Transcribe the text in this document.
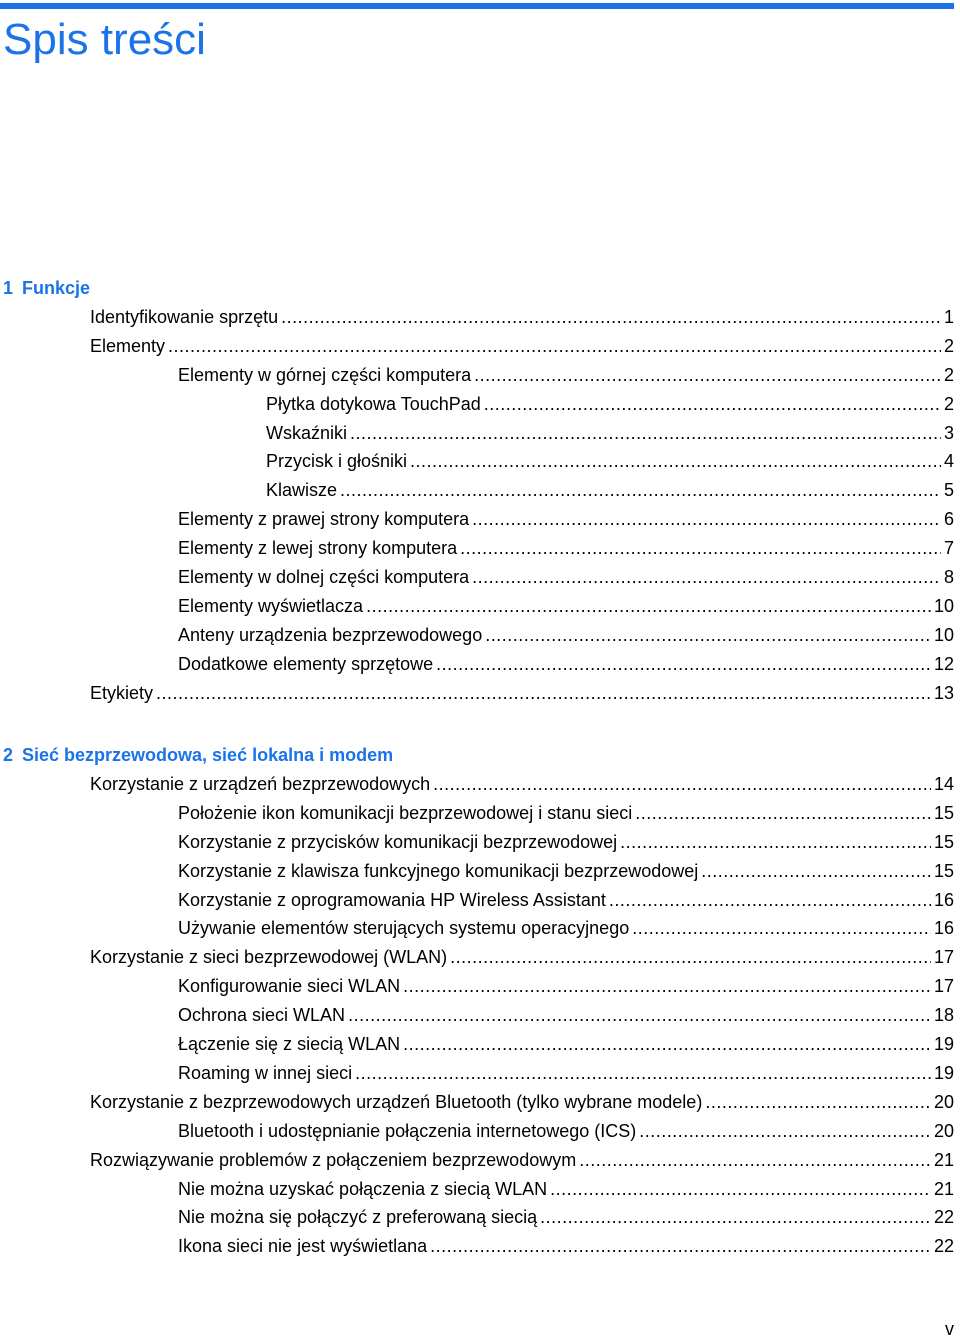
Spis treści
1 Funkcje
Identyfikowanie sprzętu .....	1
Elementy .....	2
Elementy w górnej części komputera .....	2
Płytka dotykowa TouchPad .....	2
Wskaźniki .....	3
Przycisk i głośniki .....	4
Klawisze .....	5
Elementy z prawej strony komputera .....	6
Elementy z lewej strony komputera .....	7
Elementy w dolnej części komputera .....	8
Elementy wyświetlacza .....	10
Anteny urządzenia bezprzewodowego .....	10
Dodatkowe elementy sprzętowe .....	12
Etykiety .....	13
2 Sieć bezprzewodowa, sieć lokalna i modem
Korzystanie z urządzeń bezprzewodowych .....	14
Położenie ikon komunikacji bezprzewodowej i stanu sieci .....	15
Korzystanie z przycisków komunikacji bezprzewodowej .....	15
Korzystanie z klawisza funkcyjnego komunikacji bezprzewodowej .....	15
Korzystanie z oprogramowania HP Wireless Assistant .....	16
Używanie elementów sterujących systemu operacyjnego .....	16
Korzystanie z sieci bezprzewodowej (WLAN) .....	17
Konfigurowanie sieci WLAN .....	17
Ochrona sieci WLAN .....	18
Łączenie się z siecią WLAN .....	19
Roaming w innej sieci .....	19
Korzystanie z bezprzewodowych urządzeń Bluetooth (tylko wybrane modele) .....	20
Bluetooth i udostępnianie połączenia internetowego (ICS) .....	20
Rozwiązywanie problemów z połączeniem bezprzewodowym .....	21
Nie można uzyskać połączenia z siecią WLAN .....	21
Nie można się połączyć z preferowaną siecią .....	22
Ikona sieci nie jest wyświetlana .....	22
v
